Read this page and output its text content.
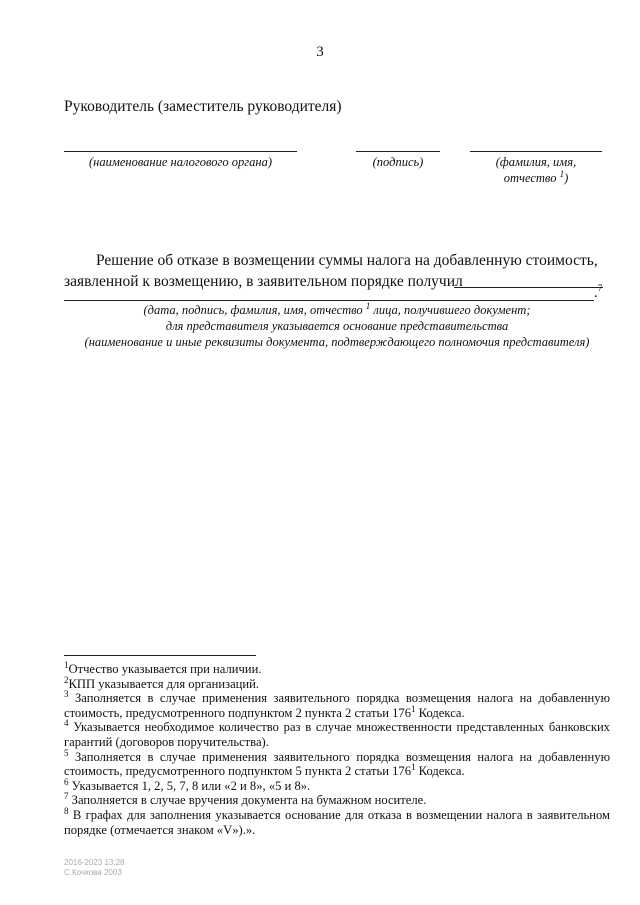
3
Руководитель (заместитель руководителя)
(наименование налогового органа)	(подпись)	(фамилия, имя,
отчество $^1$)
Решение об отказе в возмещении суммы налога на добавленную стоимость,
заявленной к возмещению, в заявительном порядке получил
.$^7$
(дата, подпись, фамилия, имя, отчество $^1$ лица, получившего документ;
для представителя указывается основание представительства
(наименование и иные реквизиты документа, подтверждающего полномочия представителя)

$^1$Отчество указывается при наличии.

$^2$КПП указывается для организаций.

$^3$ Заполняется в случае применения заявительного порядка возмещения налога на добавленную стоимость, предусмотренного подпунктом 2 пункта 2 статьи $176^1$ Кодекса.

$^4$ Указывается необходимое количество раз в случае множественности представленных банковских гарантий (договоров поручительства).

$^5$ Заполняется в случае применения заявительного порядка возмещения налога на добавленную стоимость, предусмотренного подпунктом 5 пункта 2 статьи $176^1$ Кодекса.

$^6$ Указывается 1, 2, 5, 7, 8 или «2 и 8», «5 и 8».

$^7$ Заполняется в случае вручения документа на бумажном носителе.

$^8$ В графах для заполнения указывается основание для отказа в возмещении налога в заявительном порядке (отмечается знаком «V»).».

2016-2023 13:28
С.Кочкова 2003
